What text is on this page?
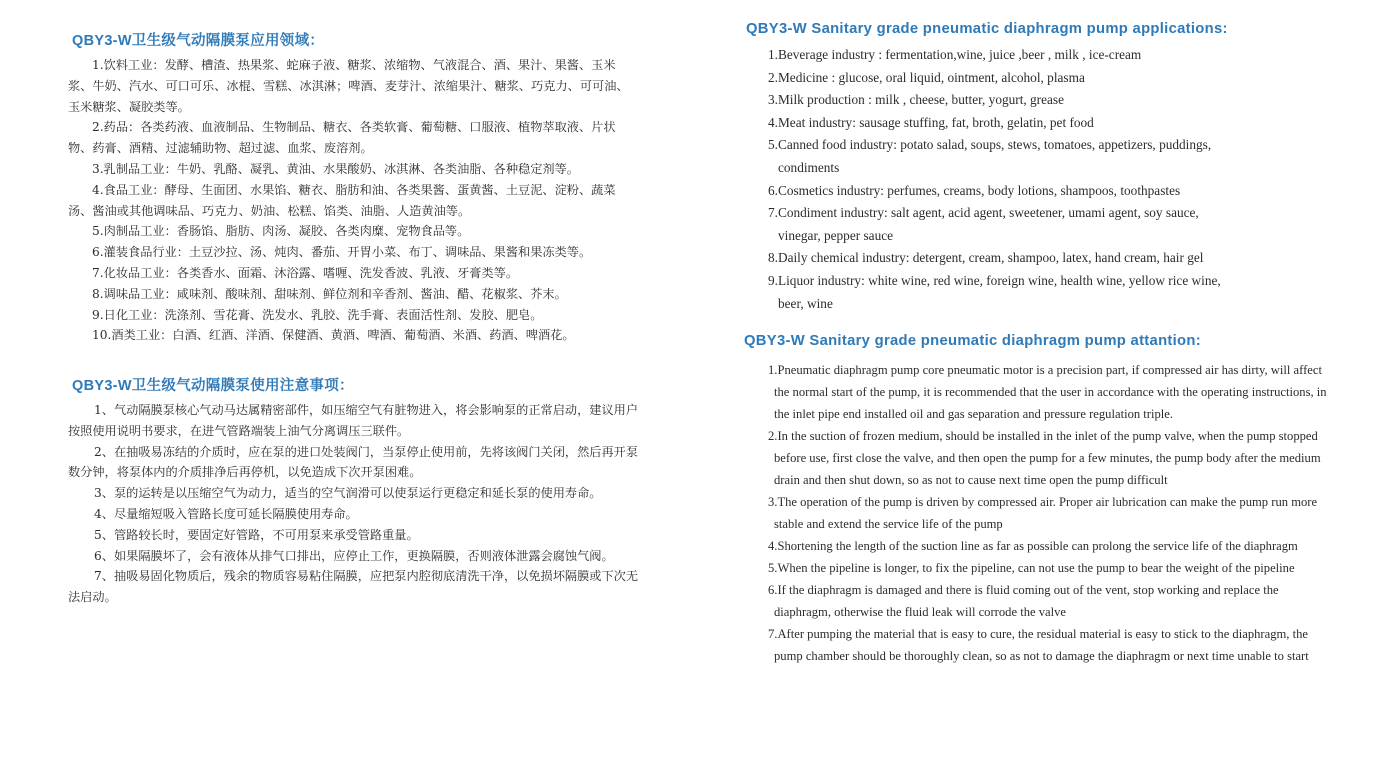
QBY3-W卫生级气动隔膜泵应用领域：
1.饮料工业：发酵、槽渣、热果浆、蛇麻子液、糖浆、浓缩物、气液混合、酒、果汁、果酱、玉米浆、牛奶、汽水、可口可乐、冰棍、雪糕、冰淇淋；啤酒、麦芽汁、浓缩果汁、糖浆、巧克力、可可油、玉米糖浆、凝胶类等。
2.药品：各类药液、血液制品、生物制品、糖衣、各类软膏、葡萄糖、口服液、植物萃取液、片状物、药膏、酒精、过滤辅助物、超过滤、血浆、废溶剂。
3.乳制品工业：牛奶、乳酪、凝乳、黄油、水果酸奶、冰淇淋、各类油脂、各种稳定剂等。
4.食品工业：酵母、生面团、水果馅、糖衣、脂肪和油、各类果酱、蛋黄酱、土豆泥、淀粉、蔬菜汤、酱油或其他调味品、巧克力、奶油、松糕、馅类、油脂、人造黄油等。
5.肉制品工业：香肠馅、脂肪、肉汤、凝胶、各类肉糜、宠物食品等。
6.灌装食品行业：土豆沙拉、汤、炖肉、番茄、开胃小菜、布丁、调味品、果酱和果冻类等。
7.化妆品工业：各类香水、面霜、沐浴露、嗜喱、洗发香波、乳液、牙膏类等。
8.调味品工业：咸味剂、酸味剂、甜味剂、鲜位剂和辛香剂、酱油、醋、花椒浆、芥末。
9.日化工业：洗涤剂、雪花膏、洗发水、乳胶、洗手膏、表面活性剂、发胶、肥皂。
10.酒类工业：白酒、红酒、洋酒、保健酒、黄酒、啤酒、葡萄酒、米酒、药酒、啤酒花。
QBY3-W卫生级气动隔膜泵使用注意事项：
1、气动隔膜泵核心气动马达属精密部件，如压缩空气有脏物进入，将会影响泵的正常启动，建议用户按照使用说明书要求，在进气管路端装上油气分离调压三联件。
2、在抽吸易冻结的介质时，应在泵的进口处装阀门，当泵停止使用前，先将该阀门关闭，然后再开泵数分钟，将泵体内的介质排净后再停机，以免造成下次开泵困难。
3、泵的运转是以压缩空气为动力，适当的空气润滑可以使泵运行更稳定和延长泵的使用寿命。
4、尽量缩短吸入管路长度可延长隔膜使用寿命。
5、管路较长时，要固定好管路，不可用泵来承受管路重量。
6、如果隔膜坏了，会有液体从排气口排出，应停止工作，更换隔膜，否则液体泄露会腐蚀气阀。
7、抽吸易固化物质后，残余的物质容易粘住隔膜，应把泵内腔彻底清洗干净，以免损坏隔膜或下次无法启动。
QBY3-W Sanitary grade pneumatic diaphragm pump applications:
1.Beverage industry : fermentation,wine, juice ,beer , milk , ice-cream
2.Medicine : glucose, oral liquid, ointment, alcohol, plasma
3.Milk production : milk , cheese, butter, yogurt, grease
4.Meat industry: sausage stuffing, fat, broth, gelatin, pet food
5.Canned food industry: potato salad, soups, stews, tomatoes, appetizers, puddings, condiments
6.Cosmetics industry: perfumes, creams, body lotions, shampoos, toothpastes
7.Condiment industry: salt agent, acid agent, sweetener, umami agent, soy sauce, vinegar, pepper sauce
8.Daily chemical industry: detergent, cream, shampoo, latex, hand cream, hair gel
9.Liquor industry: white wine, red wine, foreign wine, health wine, yellow rice wine, beer, wine
QBY3-W Sanitary grade pneumatic diaphragm pump attantion:
1.Pneumatic diaphragm pump core pneumatic motor is a precision part, if compressed air has dirty, will affect the normal start of the pump, it is recommended that the user in accordance with the operating instructions, in the inlet pipe end installed oil and gas separation and pressure regulation triple.
2.In the suction of frozen medium, should be installed in the inlet of the pump valve, when the pump stopped before use, first close the valve, and then open the pump for a few minutes, the pump body after the medium drain and then shut down, so as not to cause next time open the pump difficult
3.The operation of the pump is driven by compressed air. Proper air lubrication can make the pump run more stable and extend the service life of the pump
4.Shortening the length of the suction line as far as possible can prolong the service life of the diaphragm
5.When the pipeline is longer, to fix the pipeline, can not use the pump to bear the weight of the pipeline
6.If the diaphragm is damaged and there is fluid coming out of the vent, stop working and replace the diaphragm, otherwise the fluid leak will corrode the valve
7.After pumping the material that is easy to cure, the residual material is easy to stick to the diaphragm, the pump chamber should be thoroughly clean, so as not to damage the diaphragm or next time unable to start
